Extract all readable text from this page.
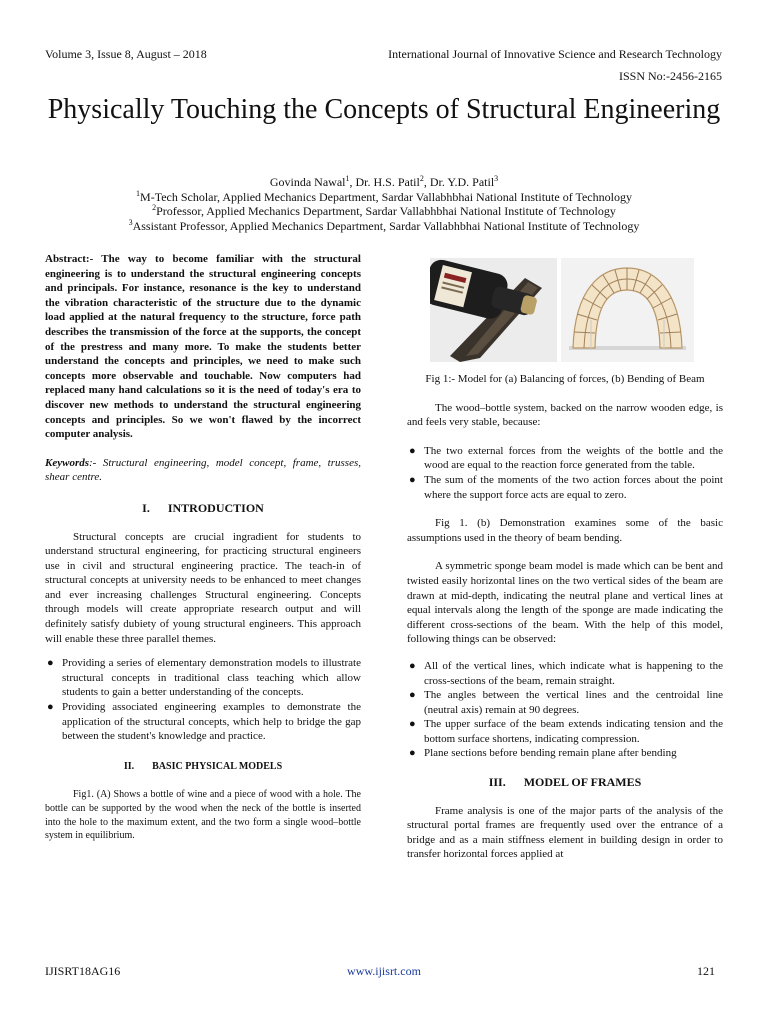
Volume 3, Issue 8, August – 2018	International Journal of Innovative Science and Research Technology
ISSN No:-2456-2165
Physically Touching the Concepts of Structural Engineering
Govinda Nawal$^1$, Dr. H.S. Patil$^2$, Dr. Y.D. Patil$^3$
$^1$M-Tech Scholar, Applied Mechanics Department, Sardar Vallabhbhai National Institute of Technology
$^2$Professor, Applied Mechanics Department, Sardar Vallabhbhai National Institute of Technology
$^3$Assistant Professor, Applied Mechanics Department, Sardar Vallabhbhai National Institute of Technology

Abstract:- The way to become familiar with the structural engineering is to understand the structural engineering concepts and principals. For instance, resonance is the key to understand the vibration characteristic of the structure due to the dynamic load applied at the natural frequency to the structure, force path describes the transmission of the force at the supports, the concept of the prestress and many more. To make the students better understand the concepts and principles, we need to make such concepts more observable and touchable. Now computers had replaced many hand calculations so it is the need of today's era to discover new methods to understand the structural engineering concepts and principles. So we won't flawed by the incorrect computer analysis.

Keywords:- Structural engineering, model concept, frame, trusses, shear centre.

I. INTRODUCTION

Structural concepts are crucial ingradient for students to understand structural engineering, for practicing structural engineers use in civil and structural engineering practice. The teach-in of structural concepts at university needs to be enhanced to meet changes and ever increasing challenges Structural engineering. Concepts through models will create appropriate research output and will definitely satisfy dubiety of young structural engineers. This approach will enable these three parallel themes.

● Providing a series of elementary demonstration models to illustrate structural concepts in traditional class teaching which allow students to gain a better understanding of the concepts.
● Providing associated engineering examples to demonstrate the application of the structural concepts, which help to bridge the gap between the student's knowledge and practice.
II. BASIC PHYSICAL MODELS

Fig1. (A) Shows a bottle of wine and a piece of wood with a hole. The bottle can be supported by the wood when the neck of the bottle is inserted into the hole to the maximum extent, and the two form a single wood–bottle system in equilibrium.

Fig 1:- Model for (a) Balancing of forces, (b) Bending of Beam

The wood–bottle system, backed on the narrow wooden edge, is and feels very stable, because:

● The two external forces from the weights of the bottle and the wood are equal to the reaction force generated from the table.
● The sum of the moments of the two action forces about the point where the support force acts are equal to zero.

Fig 1. (b) Demonstration examines some of the basic assumptions used in the theory of beam bending.

A symmetric sponge beam model is made which can be bent and twisted easily horizontal lines on the two vertical sides of the beam are drawn at mid-depth, indicating the neutral plane and vertical lines at equal intervals along the length of the sponge are made indicating the different cross-sections of the beam. With the help of this model, following things can be observed:

● All of the vertical lines, which indicate what is happening to the cross-sections of the beam, remain straight.
● The angles between the vertical lines and the centroidal line (neutral axis) remain at 90 degrees.
● The upper surface of the beam extends indicating tension and the bottom surface shortens, indicating compression.
● Plane sections before bending remain plane after bending
III. MODEL OF FRAMES

Frame analysis is one of the major parts of the analysis of the structural portal frames are frequently used over the entrance of a bridge and as a main stiffness element in building design in order to transfer horizontal forces applied at

IJISRT18AG16	www.ijisrt.com	121
